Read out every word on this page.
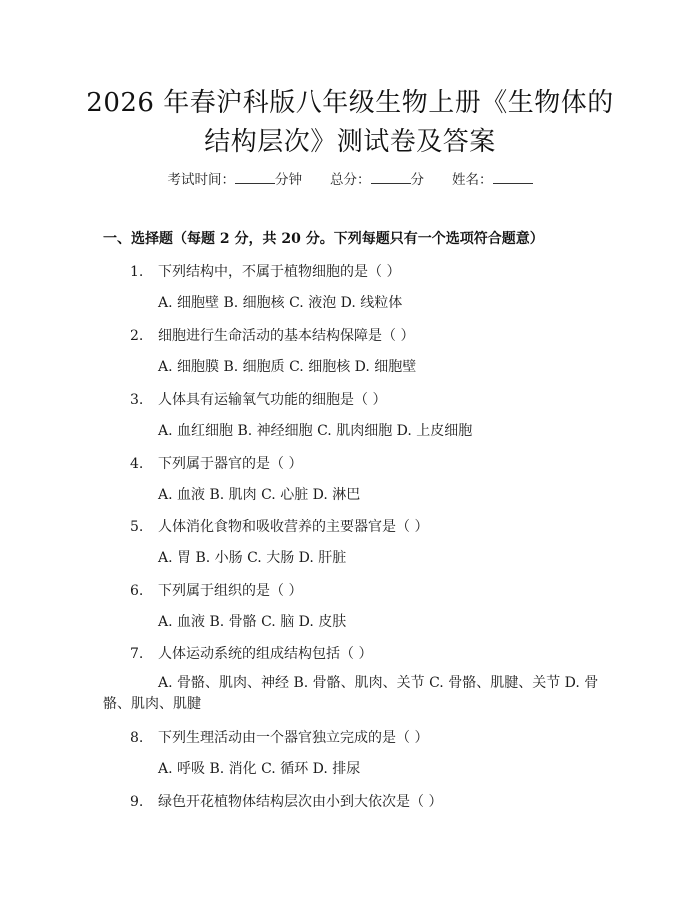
2026 年春沪科版八年级生物上册《生物体的
结构层次》测试卷及答案
考试时间：	分钟 总分：	分 姓名：
一、选择题（每题 2 分，共 20 分。下列每题只有一个选项符合题意）
1. 下列结构中，不属于植物细胞的是（ ）
A. 细胞壁 B. 细胞核 C. 液泡 D. 线粒体
2. 细胞进行生命活动的基本结构保障是（ ）
A. 细胞膜 B. 细胞质 C. 细胞核 D. 细胞壁
3. 人体具有运输氧气功能的细胞是（ ）
A. 血红细胞 B. 神经细胞 C. 肌肉细胞 D. 上皮细胞
4. 下列属于器官的是（ ）
A. 血液 B. 肌肉 C. 心脏 D. 淋巴
5. 人体消化食物和吸收营养的主要器官是（ ）
A. 胃 B. 小肠 C. 大肠 D. 肝脏
6. 下列属于组织的是（ ）
A. 血液 B. 骨骼 C. 脑 D. 皮肤
7. 人体运动系统的组成结构包括（ ）
A. 骨骼、肌肉、神经 B. 骨骼、肌肉、关节 C. 骨骼、肌腱、关节 D. 骨骼、肌肉、肌腱
8. 下列生理活动由一个器官独立完成的是（ ）
A. 呼吸 B. 消化 C. 循环 D. 排尿
9. 绿色开花植物体结构层次由小到大依次是（ ）
